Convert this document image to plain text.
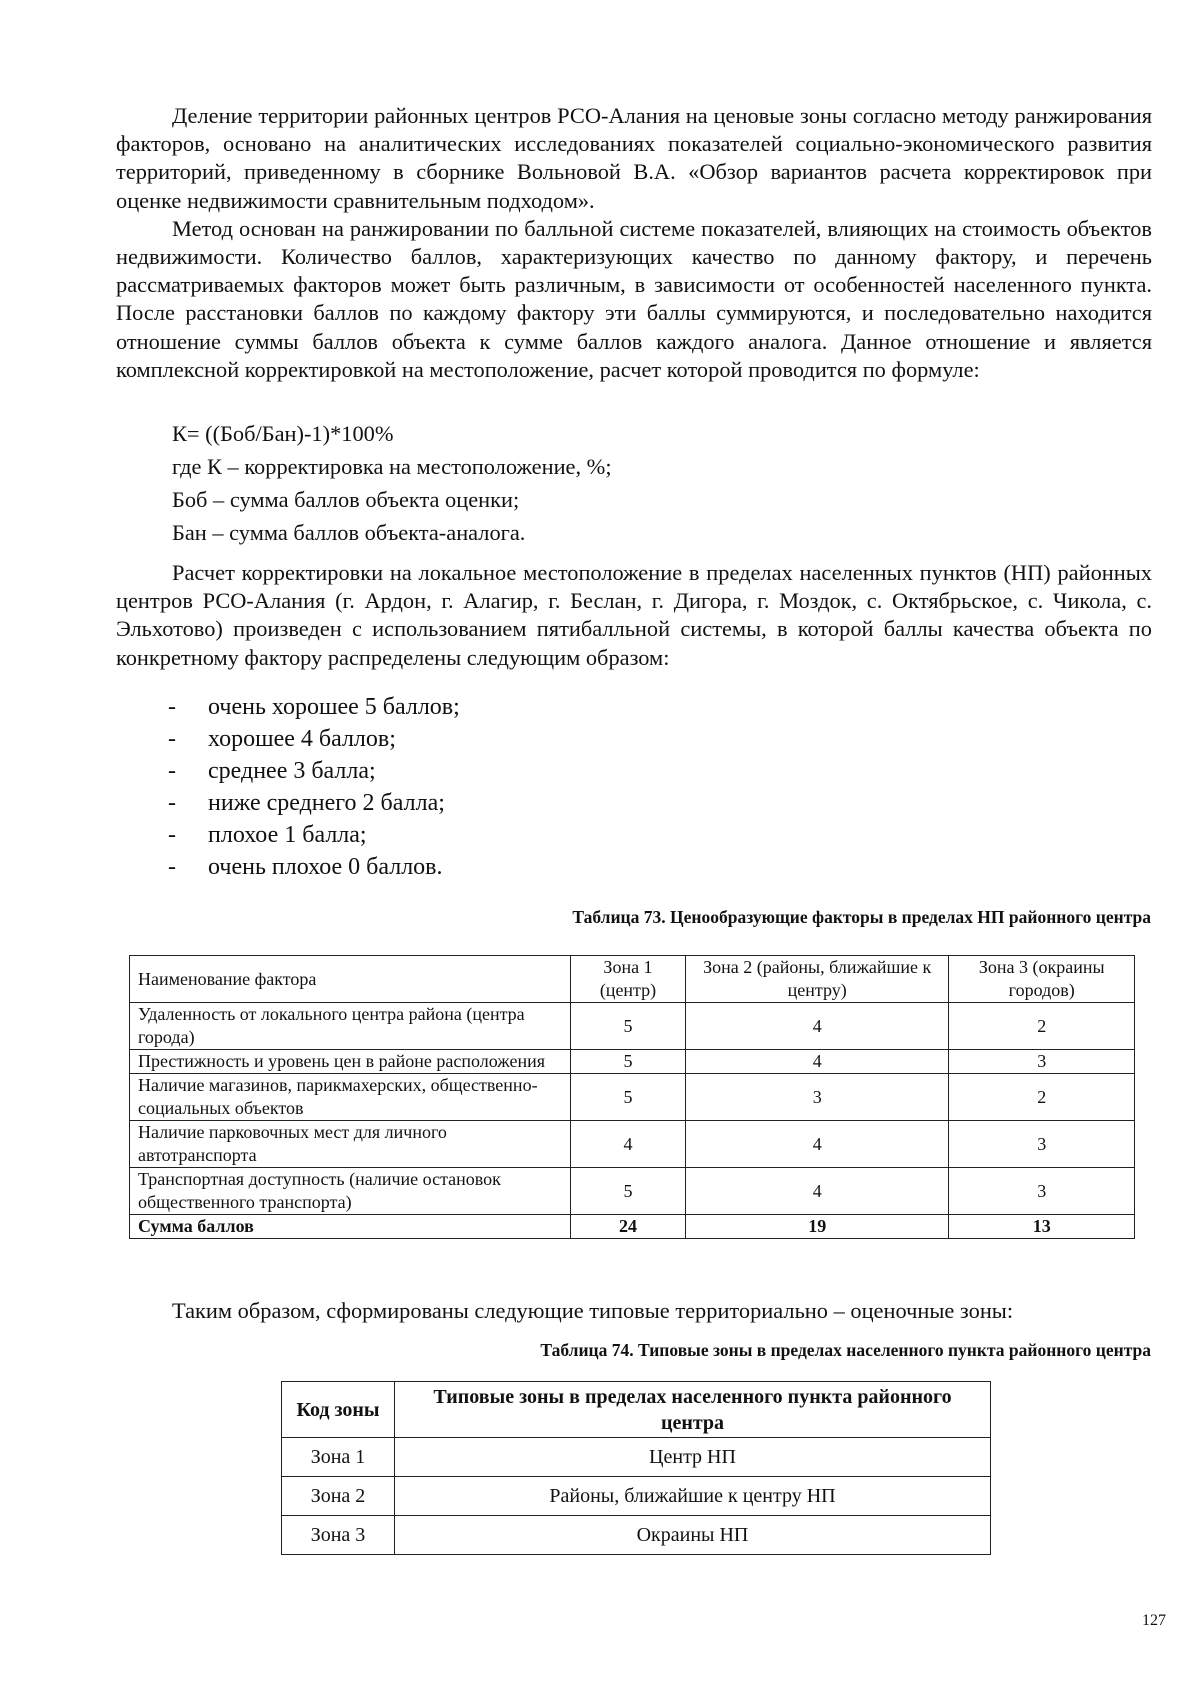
Деление территории районных центров РСО-Алания на ценовые зоны согласно методу ранжирования факторов, основано на аналитических исследованиях показателей социально-экономического развития территорий, приведенному в сборнике Вольновой В.А. «Обзор вариантов расчета корректировок при оценке недвижимости сравнительным подходом».

Метод основан на ранжировании по балльной системе показателей, влияющих на стоимость объектов недвижимости. Количество баллов, характеризующих качество по данному фактору, и перечень рассматриваемых факторов может быть различным, в зависимости от особенностей населенного пункта. После расстановки баллов по каждому фактору эти баллы суммируются, и последовательно находится отношение суммы баллов объекта к сумме баллов каждого аналога. Данное отношение и является комплексной корректировкой на местоположение, расчет которой проводится по формуле:

К= ((Боб/Бан)-1)*100%
где К – корректировка на местоположение, %;
Боб – сумма баллов объекта оценки;
Бан – сумма баллов объекта-аналога.

Расчет корректировки на локальное местоположение в пределах населенных пунктов (НП) районных центров РСО-Алания (г. Ардон, г. Алагир, г. Беслан, г. Дигора, г. Моздок, с. Октябрьское, с. Чикола, с. Эльхотово) произведен с использованием пятибалльной системы, в которой баллы качества объекта по конкретному фактору распределены следующим образом:

-	очень хорошее 5 баллов;
-	хорошее 4 баллов;
-	среднее 3 балла;
-	ниже среднего 2 балла;
-	плохое 1 балла;
-	очень плохое 0 баллов.
Таблица 73. Ценообразующие факторы в пределах НП районного центра
Наименование фактора	Зона 1 (центр)	Зона 2 (районы, ближайшие к центру)	Зона 3 (окраины городов)
Удаленность от локального центра района (центра города)	5	4	2
Престижность и уровень цен в районе расположения	5	4	3
Наличие магазинов, парикмахерских, общественно-социальных объектов	5	3	2
Наличие парковочных мест для личного автотранспорта	4	4	3
Транспортная доступность (наличие остановок общественного транспорта)	5	4	3
Сумма баллов	24	19	13
Таким образом, сформированы следующие типовые территориально – оценочные зоны:
Таблица 74. Типовые зоны в пределах населенного пункта районного центра
Код зоны	Типовые зоны в пределах населенного пункта районного центра
Зона 1	Центр НП
Зона 2	Районы, ближайшие к центру НП
Зона 3	Окраины НП
127
